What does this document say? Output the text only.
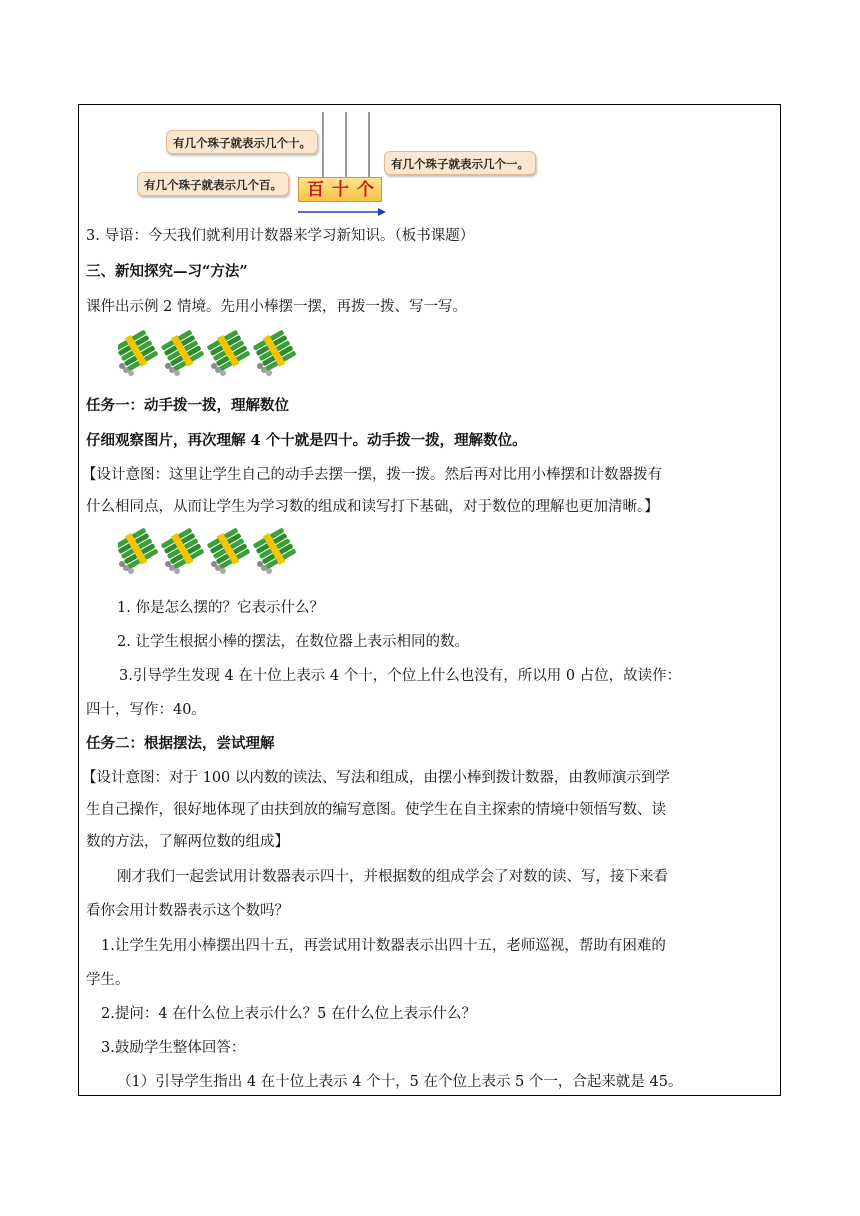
有几个珠子就表示几个十。
有几个珠子就表示几个百。
有几个珠子就表示几个一。
百 十 个
3. 导语：今天我们就利用计数器来学习新知识。（板书课题）
三、新知探究—习“方法”
课件出示例 2 情境。先用小棒摆一摆，再拨一拨、写一写。
任务一：动手拨一拨，理解数位
仔细观察图片，再次理解 4 个十就是四十。动手拨一拨，理解数位。
【设计意图：这里让学生自己的动手去摆一摆，拨一拨。然后再对比用小棒摆和计数器拨有
什么相同点，从而让学生为学习数的组成和读写打下基础，对于数位的理解也更加清晰。】
1. 你是怎么摆的？它表示什么？
2. 让学生根据小棒的摆法，在数位器上表示相同的数。
3.引导学生发现 4 在十位上表示 4 个十，个位上什么也没有，所以用 0 占位，故读作：
四十，写作：40。
任务二：根据摆法，尝试理解
【设计意图：对于 100 以内数的读法、写法和组成，由摆小棒到拨计数器，由教师演示到学
生自己操作，很好地体现了由扶到放的编写意图。使学生在自主探索的情境中领悟写数、读
数的方法，了解两位数的组成】
刚才我们一起尝试用计数器表示四十，并根据数的组成学会了对数的读、写，接下来看
看你会用计数器表示这个数吗？
1.让学生先用小棒摆出四十五，再尝试用计数器表示出四十五，老师巡视，帮助有困难的
学生。
2.提问：4 在什么位上表示什么？5 在什么位上表示什么？
3.鼓励学生整体回答：
（1）引导学生指出 4 在十位上表示 4 个十，5 在个位上表示 5 个一，合起来就是 45。
